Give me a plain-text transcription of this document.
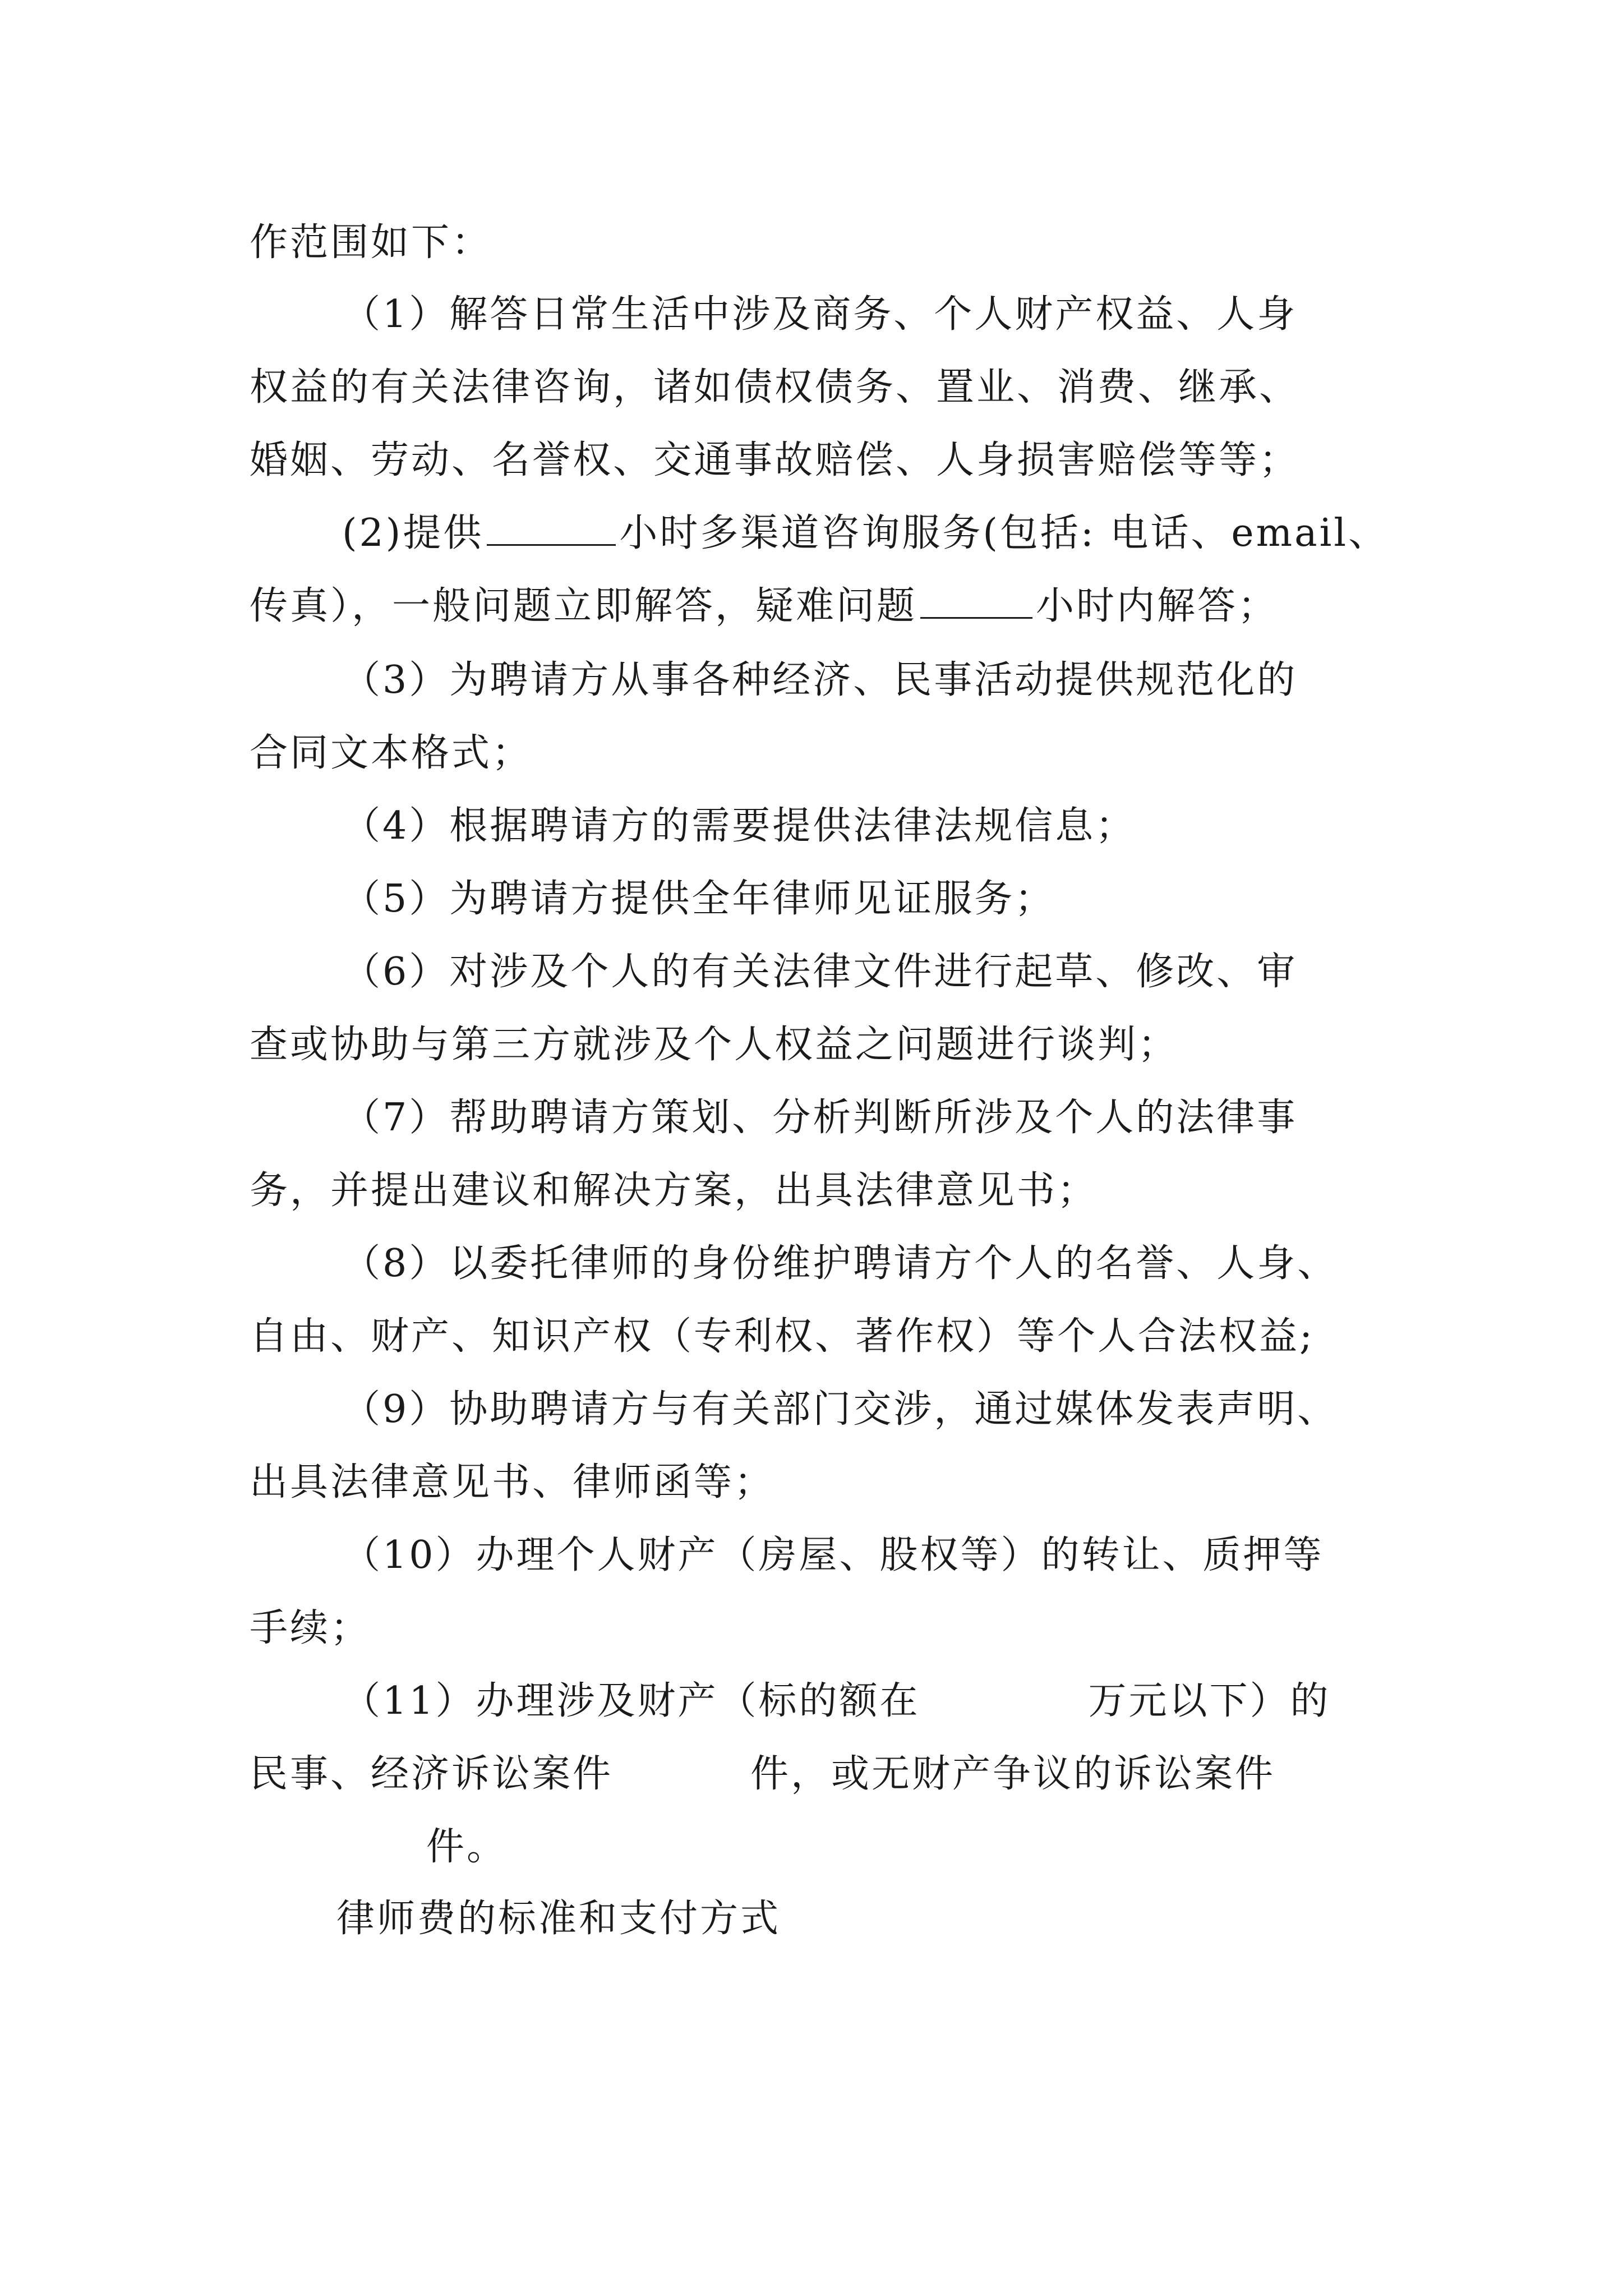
作范围如下：
（1）解答日常生活中涉及商务、个人财产权益、人身
权益的有关法律咨询，诸如债权债务、置业、消费、继承、
婚姻、劳动、名誉权、交通事故赔偿、人身损害赔偿等等；
(2)提供	小时多渠道咨询服务(包括: 电话、email、
传真），一般问题立即解答，疑难问题	小时内解答；
（3）为聘请方从事各种经济、民事活动提供规范化的
合同文本格式；
（4）根据聘请方的需要提供法律法规信息；
（5）为聘请方提供全年律师见证服务；
（6）对涉及个人的有关法律文件进行起草、修改、审
查或协助与第三方就涉及个人权益之问题进行谈判；
（7）帮助聘请方策划、分析判断所涉及个人的法律事
务，并提出建议和解决方案，出具法律意见书；
（8）以委托律师的身份维护聘请方个人的名誉、人身、
自由、财产、知识产权（专利权、著作权）等个人合法权益;
（9）协助聘请方与有关部门交涉，通过媒体发表声明、
出具法律意见书、律师函等；
（10）办理个人财产（房屋、股权等）的转让、质押等
手续；
（11）办理涉及财产（标的额在	万元以下）的
民事、经济诉讼案件	件，或无财产争议的诉讼案件
件。
律师费的标准和支付方式
